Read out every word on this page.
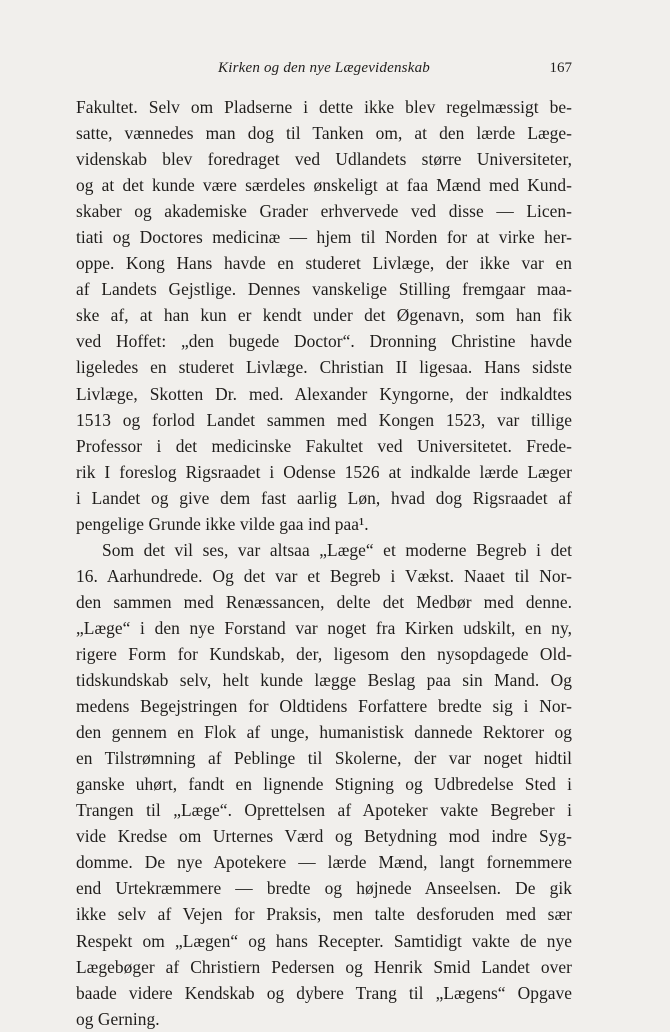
Kirken og den nye Lægevidenskab	167
Fakultet. Selv om Pladserne i dette ikke blev regelmæssigt be-
satte, vænnedes man dog til Tanken om, at den lærde Læge-
videnskab blev foredraget ved Udlandets større Universiteter,
og at det kunde være særdeles ønskeligt at faa Mænd med Kund-
skaber og akademiske Grader erhvervede ved disse — Licen-
tiati og Doctores medicinæ — hjem til Norden for at virke her-
oppe. Kong Hans havde en studeret Livlæge, der ikke var en
af Landets Gejstlige. Dennes vanskelige Stilling fremgaar maa-
ske af, at han kun er kendt under det Øgenavn, som han fik
ved Hoffet: „den bugede Doctor“. Dronning Christine havde
ligeledes en studeret Livlæge. Christian II ligesaa. Hans sidste
Livlæge, Skotten Dr. med. Alexander Kyngorne, der indkaldtes
1513 og forlod Landet sammen med Kongen 1523, var tillige
Professor i det medicinske Fakultet ved Universitetet. Frede-
rik I foreslog Rigsraadet i Odense 1526 at indkalde lærde Læger
i Landet og give dem fast aarlig Løn, hvad dog Rigsraadet af
pengelige Grunde ikke vilde gaa ind paa¹.
Som det vil ses, var altsaa „Læge“ et moderne Begreb i det
16. Aarhundrede. Og det var et Begreb i Vækst. Naaet til Nor-
den sammen med Renæssancen, delte det Medbør med denne.
„Læge“ i den nye Forstand var noget fra Kirken udskilt, en ny,
rigere Form for Kundskab, der, ligesom den nysopdagede Old-
tidskundskab selv, helt kunde lægge Beslag paa sin Mand. Og
medens Begejstringen for Oldtidens Forfattere bredte sig i Nor-
den gennem en Flok af unge, humanistisk dannede Rektorer og
en Tilstrømning af Peblinge til Skolerne, der var noget hidtil
ganske uhørt, fandt en lignende Stigning og Udbredelse Sted i
Trangen til „Læge“. Oprettelsen af Apoteker vakte Begreber i
vide Kredse om Urternes Værd og Betydning mod indre Syg-
domme. De nye Apotekere — lærde Mænd, langt fornemmere
end Urtekræmmere — bredte og højnede Anseelsen. De gik
ikke selv af Vejen for Praksis, men talte desforuden med sær
Respekt om „Lægen“ og hans Recepter. Samtidigt vakte de nye
Lægebøger af Christiern Pedersen og Henrik Smid Landet over
baade videre Kendskab og dybere Trang til „Lægens“ Opgave
og Gerning.
